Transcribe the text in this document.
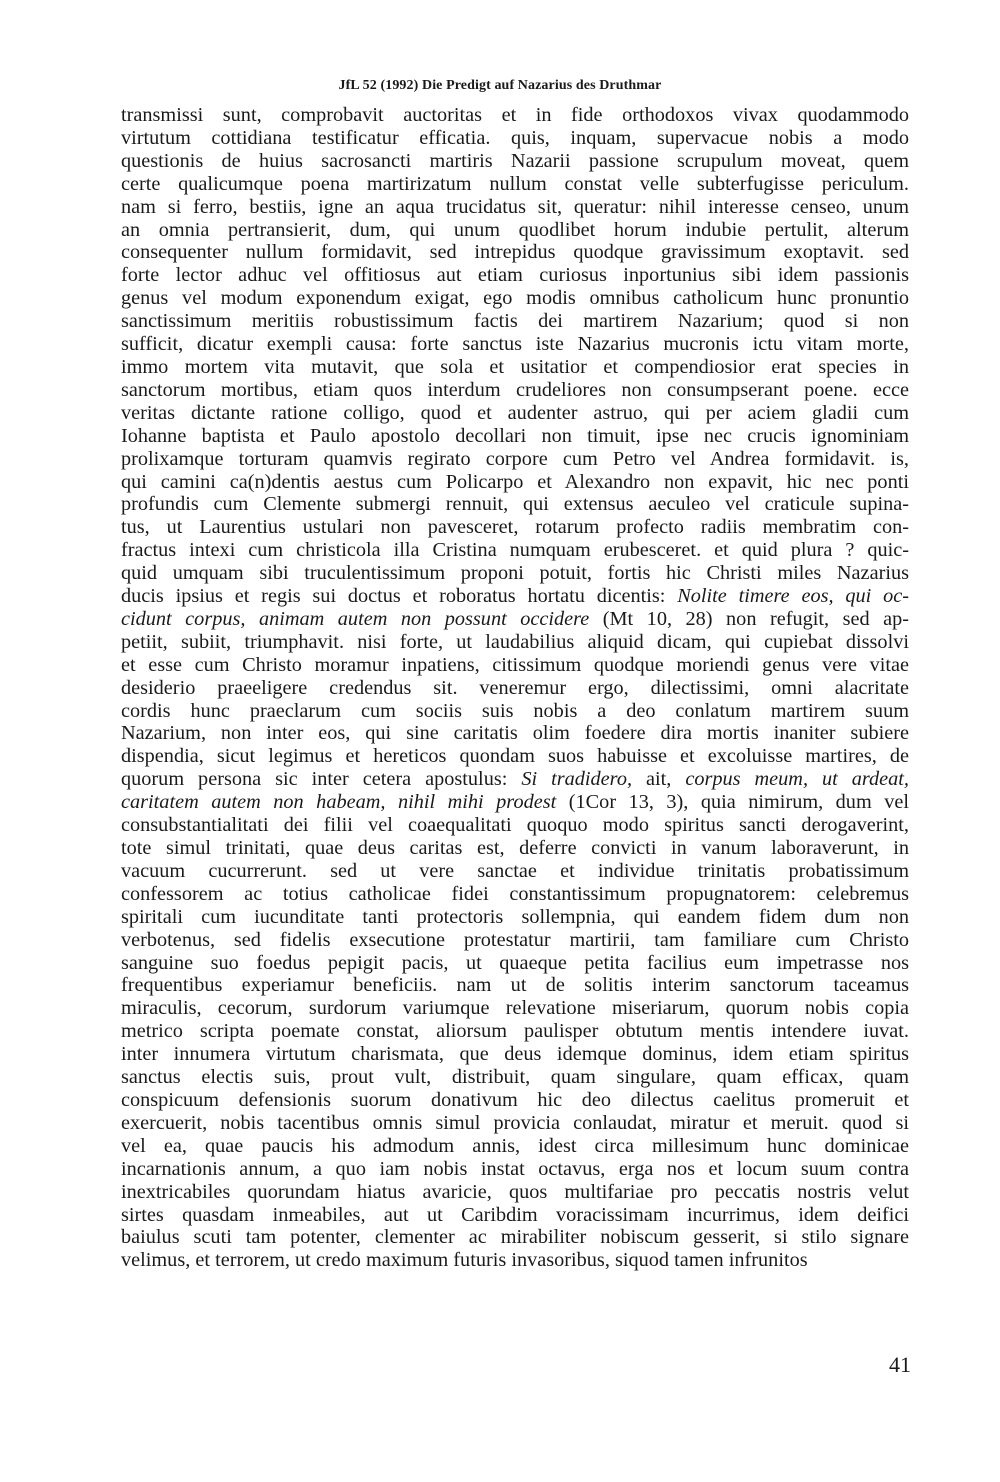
JfL 52 (1992) Die Predigt auf Nazarius des Druthmar
transmissi sunt, comprobavit auctoritas et in fide orthodoxos vivax quodammodo
virtutum cottidiana testificatur efficatia. quis, inquam, supervacue nobis a modo
questionis de huius sacrosancti martiris Nazarii passione scrupulum moveat, quem
certe qualicumque poena martirizatum nullum constat velle subterfugisse periculum.
nam si ferro, bestiis, igne an aqua trucidatus sit, queratur: nihil interesse censeo, unum
an omnia pertransierit, dum, qui unum quodlibet horum indubie pertulit, alterum
consequenter nullum formidavit, sed intrepidus quodque gravissimum exoptavit. sed
forte lector adhuc vel offitiosus aut etiam curiosus inportunius sibi idem passionis
genus vel modum exponendum exigat, ego modis omnibus catholicum hunc pronuntio
sanctissimum meritiis robustissimum factis dei martirem Nazarium; quod si non
sufficit, dicatur exempli causa: forte sanctus iste Nazarius mucronis ictu vitam morte,
immo mortem vita mutavit, que sola et usitatior et compendiosior erat species in
sanctorum mortibus, etiam quos interdum crudeliores non consumpserant poene. ecce
veritas dictante ratione colligo, quod et audenter astruo, qui per aciem gladii cum
Iohanne baptista et Paulo apostolo decollari non timuit, ipse nec crucis ignominiam
prolixamque torturam quamvis regirato corpore cum Petro vel Andrea formidavit. is,
qui camini ca(n)dentis aestus cum Policarpo et Alexandro non expavit, hic nec ponti
profundis cum Clemente submergi rennuit, qui extensus aeculeo vel craticule supina-
tus, ut Laurentius ustulari non pavesceret, rotarum profecto radiis membratim con-
fractus intexi cum christicola illa Cristina numquam erubesceret. et quid plura ? quic-
quid umquam sibi truculentissimum proponi potuit, fortis hic Christi miles Nazarius
ducis ipsius et regis sui doctus et roboratus hortatu dicentis: Nolite timere eos, qui oc-
cidunt corpus, animam autem non possunt occidere (Mt 10, 28) non refugit, sed ap-
petiit, subiit, triumphavit. nisi forte, ut laudabilius aliquid dicam, qui cupiebat dissolvi
et esse cum Christo moramur inpatiens, citissimum quodque moriendi genus vere vitae
desiderio praeeligere credendus sit. veneremur ergo, dilectissimi, omni alacritate
cordis hunc praeclarum cum sociis suis nobis a deo conlatum martirem suum
Nazarium, non inter eos, qui sine caritatis olim foedere dira mortis inaniter subiere
dispendia, sicut legimus et hereticos quondam suos habuisse et excoluisse martires, de
quorum persona sic inter cetera apostulus: Si tradidero, ait, corpus meum, ut ardeat,
caritatem autem non habeam, nihil mihi prodest (1Cor 13, 3), quia nimirum, dum vel
consubstantialitati dei filii vel coaequalitati quoquo modo spiritus sancti derogaverint,
tote simul trinitati, quae deus caritas est, deferre convicti in vanum laboraverunt, in
vacuum cucurrerunt. sed ut vere sanctae et individue trinitatis probatissimum
confessorem ac totius catholicae fidei constantissimum propugnatorem: celebremus
spiritali cum iucunditate tanti protectoris sollempnia, qui eandem fidem dum non
verbotenus, sed fidelis exsecutione protestatur martirii, tam familiare cum Christo
sanguine suo foedus pepigit pacis, ut quaeque petita facilius eum impetrasse nos
frequentibus experiamur beneficiis. nam ut de solitis interim sanctorum taceamus
miraculis, cecorum, surdorum variumque relevatione miseriarum, quorum nobis copia
metrico scripta poemate constat, aliorsum paulisper obtutum mentis intendere iuvat.
inter innumera virtutum charismata, que deus idemque dominus, idem etiam spiritus
sanctus electis suis, prout vult, distribuit, quam singulare, quam efficax, quam
conspicuum defensionis suorum donativum hic deo dilectus caelitus promeruit et
exercuerit, nobis tacentibus omnis simul provicia conlaudat, miratur et meruit. quod si
vel ea, quae paucis his admodum annis, idest circa millesimum hunc dominicae
incarnationis annum, a quo iam nobis instat octavus, erga nos et locum suum contra
inextricabiles quorundam hiatus avaricie, quos multifariae pro peccatis nostris velut
sirtes quasdam inmeabiles, aut ut Caribdim voracissimam incurrimus, idem deifici
baiulus scuti tam potenter, clementer ac mirabiliter nobiscum gesserit, si stilo signare
velimus, et terrorem, ut credo maximum futuris invasoribus, siquod tamen infrunitos
41
